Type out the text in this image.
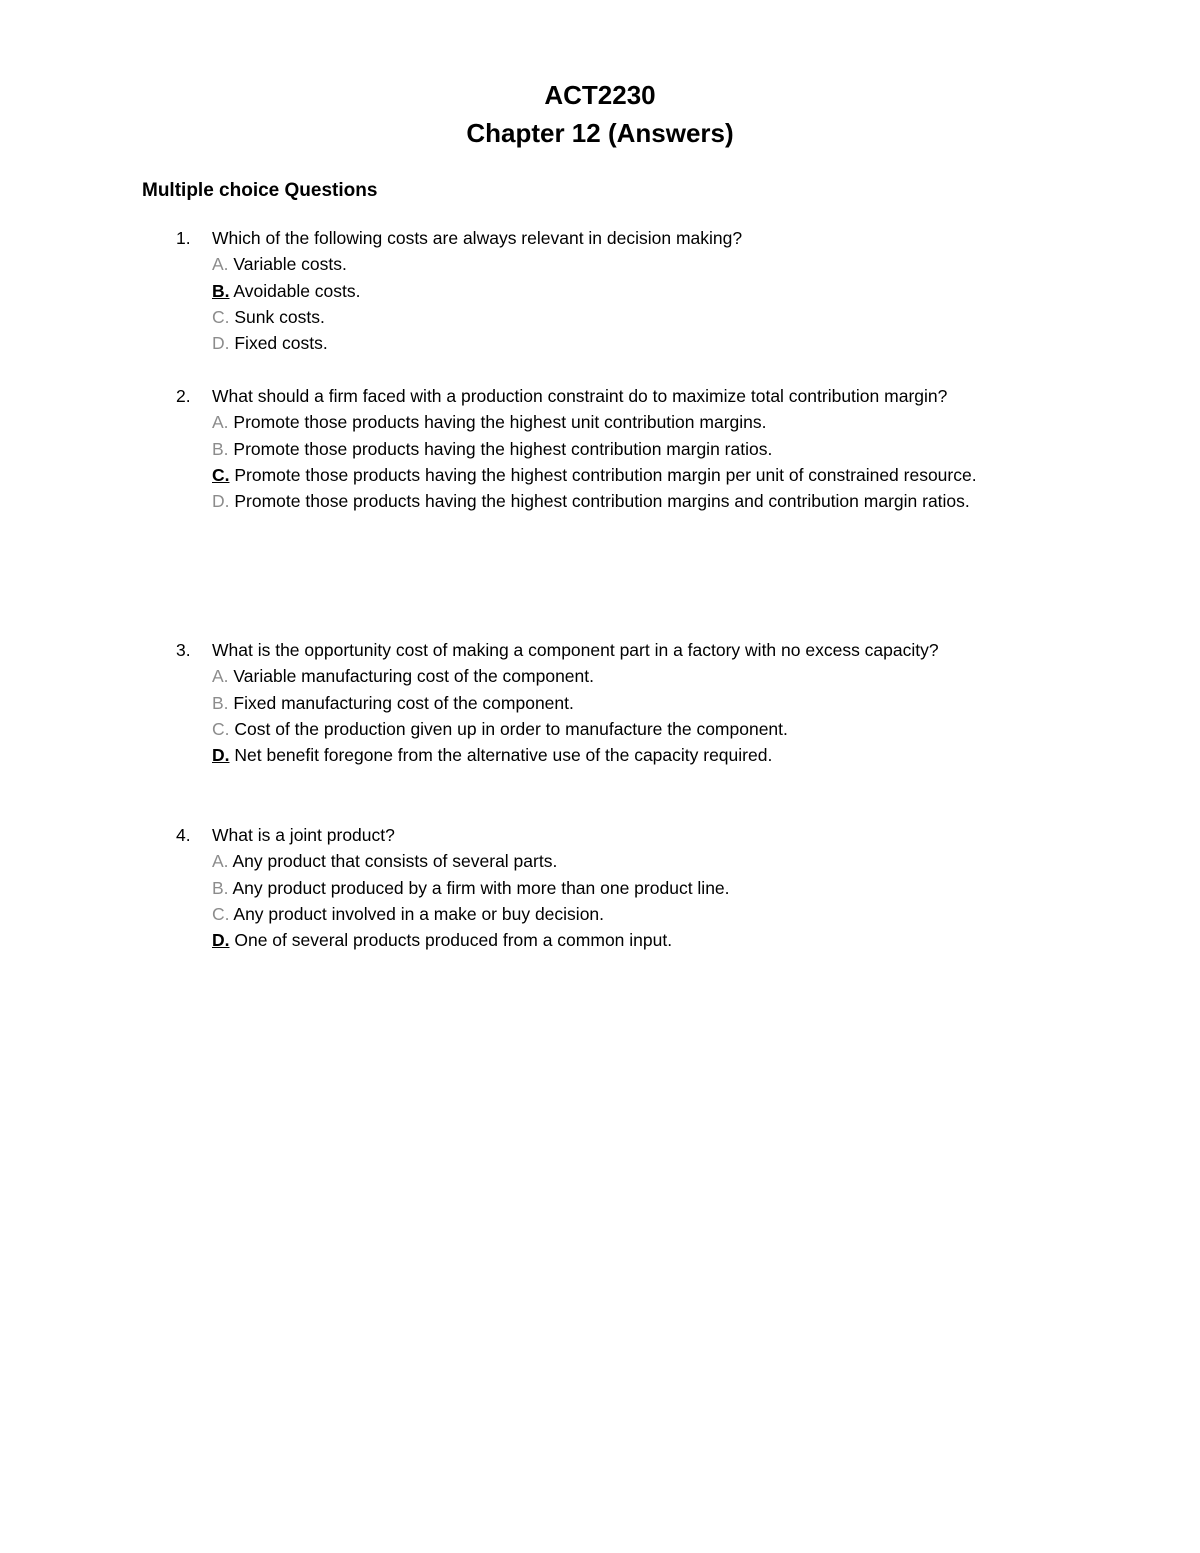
ACT2230
Chapter 12 (Answers)
Multiple choice Questions
1. Which of the following costs are always relevant in decision making?
A. Variable costs.
B. Avoidable costs.
C. Sunk costs.
D. Fixed costs.
2. What should a firm faced with a production constraint do to maximize total contribution margin?
A. Promote those products having the highest unit contribution margins.
B. Promote those products having the highest contribution margin ratios.
C. Promote those products having the highest contribution margin per unit of constrained resource.
D. Promote those products having the highest contribution margins and contribution margin ratios.
3. What is the opportunity cost of making a component part in a factory with no excess capacity?
A. Variable manufacturing cost of the component.
B. Fixed manufacturing cost of the component.
C. Cost of the production given up in order to manufacture the component.
D. Net benefit foregone from the alternative use of the capacity required.
4. What is a joint product?
A. Any product that consists of several parts.
B. Any product produced by a firm with more than one product line.
C. Any product involved in a make or buy decision.
D. One of several products produced from a common input.
